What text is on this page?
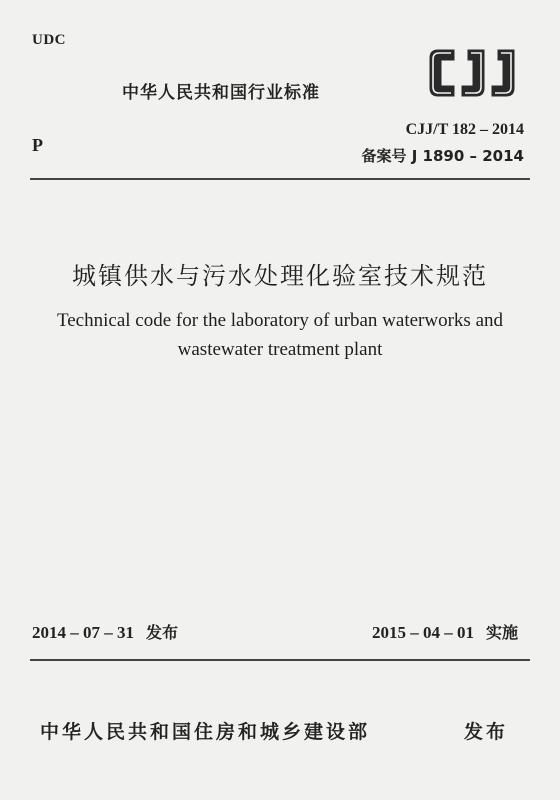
UDC
中华人民共和国行业标准
P
CJJ/T 182 – 2014
备案号 J 1890 – 2014
城镇供水与污水处理化验室技术规范
Technical code for the laboratory of urban waterworks and
wastewater treatment plant
2014 – 07 – 31 发布	2015 – 04 – 01 实施
中华人民共和国住房和城乡建设部	发布
